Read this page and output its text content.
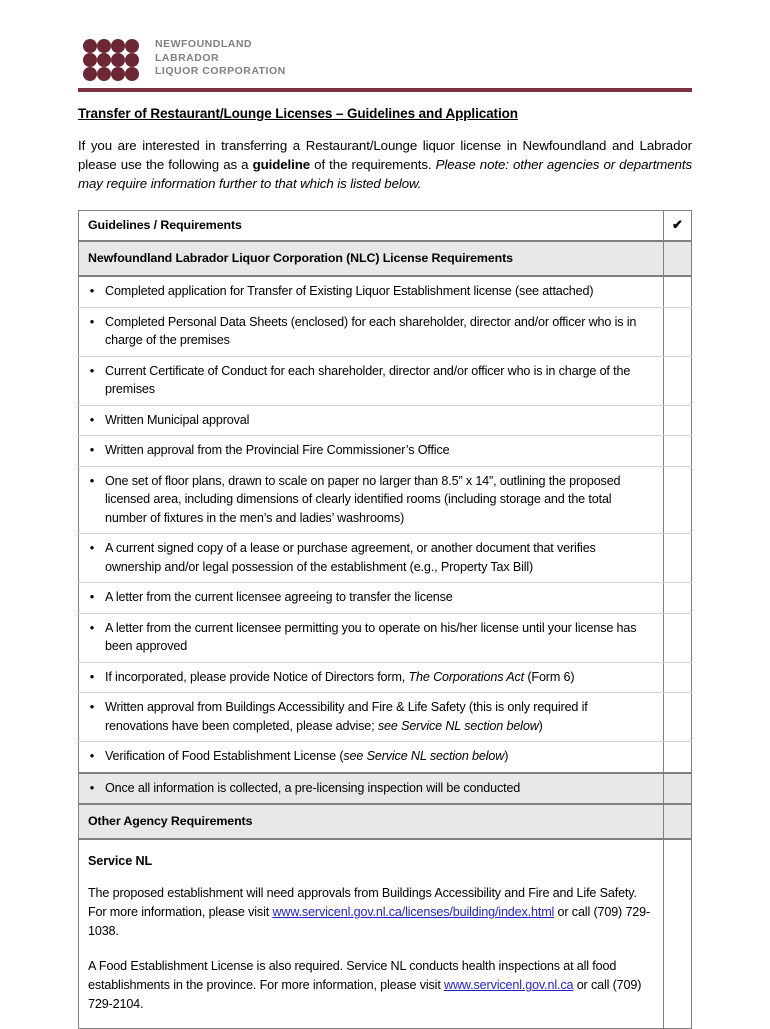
NEWFOUNDLAND
LABRADOR
LIQUOR CORPORATION
Transfer of Restaurant/Lounge Licenses – Guidelines and Application
If you are interested in transferring a Restaurant/Lounge liquor license in Newfoundland and Labrador please use the following as a guideline of the requirements. Please note: other agencies or departments may require information further to that which is listed below.
Guidelines / Requirements	✔

Newfoundland Labrador Liquor Corporation (NLC) License Requirements	

• Completed application for Transfer of Existing Liquor Establishment license (see attached)	

• Completed Personal Data Sheets (enclosed) for each shareholder, director and/or officer who is in charge of the premises	

• Current Certificate of Conduct for each shareholder, director and/or officer who is in charge of the premises	

• Written Municipal approval	

• Written approval from the Provincial Fire Commissioner’s Office	

• One set of floor plans, drawn to scale on paper no larger than 8.5” x 14”, outlining the proposed licensed area, including dimensions of clearly identified rooms (including storage and the total number of fixtures in the men’s and ladies’ washrooms)	

• A current signed copy of a lease or purchase agreement, or another document that verifies ownership and/or legal possession of the establishment (e.g., Property Tax Bill)	

• A letter from the current licensee agreeing to transfer the license	

• A letter from the current licensee permitting you to operate on his/her license until your license has been approved	

• If incorporated, please provide Notice of Directors form, The Corporations Act (Form 6)	

• Written approval from Buildings Accessibility and Fire & Life Safety (this is only required if renovations have been completed, please advise; see Service NL section below)	

• Verification of Food Establishment License (see Service NL section below)	

• Once all information is collected, a pre-licensing inspection will be conducted	

Other Agency Requirements	

Service NL
The proposed establishment will need approvals from Buildings Accessibility and Fire and Life Safety. For more information, please visit www.servicenl.gov.nl.ca/licenses/building/index.html or call (709) 729-1038.
A Food Establishment License is also required. Service NL conducts health inspections at all food establishments in the province. For more information, please visit www.servicenl.gov.nl.ca or call (709) 729-2104.	
